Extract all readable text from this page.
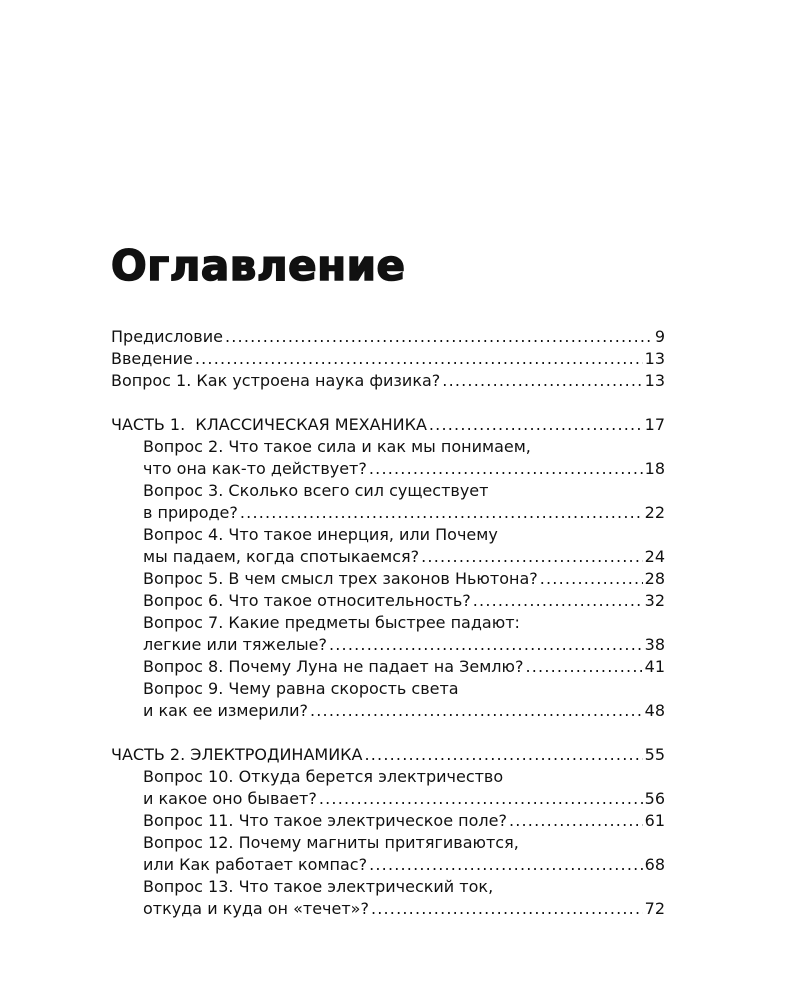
Оглавление
Предисловие .....	9
Введение .....	13
Вопрос 1. Как устроена наука физика? .....	13
ЧАСТЬ 1.  КЛАССИЧЕСКАЯ МЕХАНИКА .....	17
Вопрос 2. Что такое сила и как мы понимаем,
что она как-то действует? .....	18
Вопрос 3. Сколько всего сил существует
в природе? .....	22
Вопрос 4. Что такое инерция, или Почему
мы падаем, когда спотыкаемся? .....	24
Вопрос 5. В чем смысл трех законов Ньютона? .....	28
Вопрос 6. Что такое относительность? .....	32
Вопрос 7. Какие предметы быстрее падают:
легкие или тяжелые? .....	38
Вопрос 8. Почему Луна не падает на Землю? .....	41
Вопрос 9. Чему равна скорость света
и как ее измерили? .....	48
ЧАСТЬ 2. ЭЛЕКТРОДИНАМИКА .....	55
Вопрос 10. Откуда берется электричество
и какое оно бывает? .....	56
Вопрос 11. Что такое электрическое поле? .....	61
Вопрос 12. Почему магниты притягиваются,
или Как работает компас? .....	68
Вопрос 13. Что такое электрический ток,
откуда и куда он «течет»? .....	72
